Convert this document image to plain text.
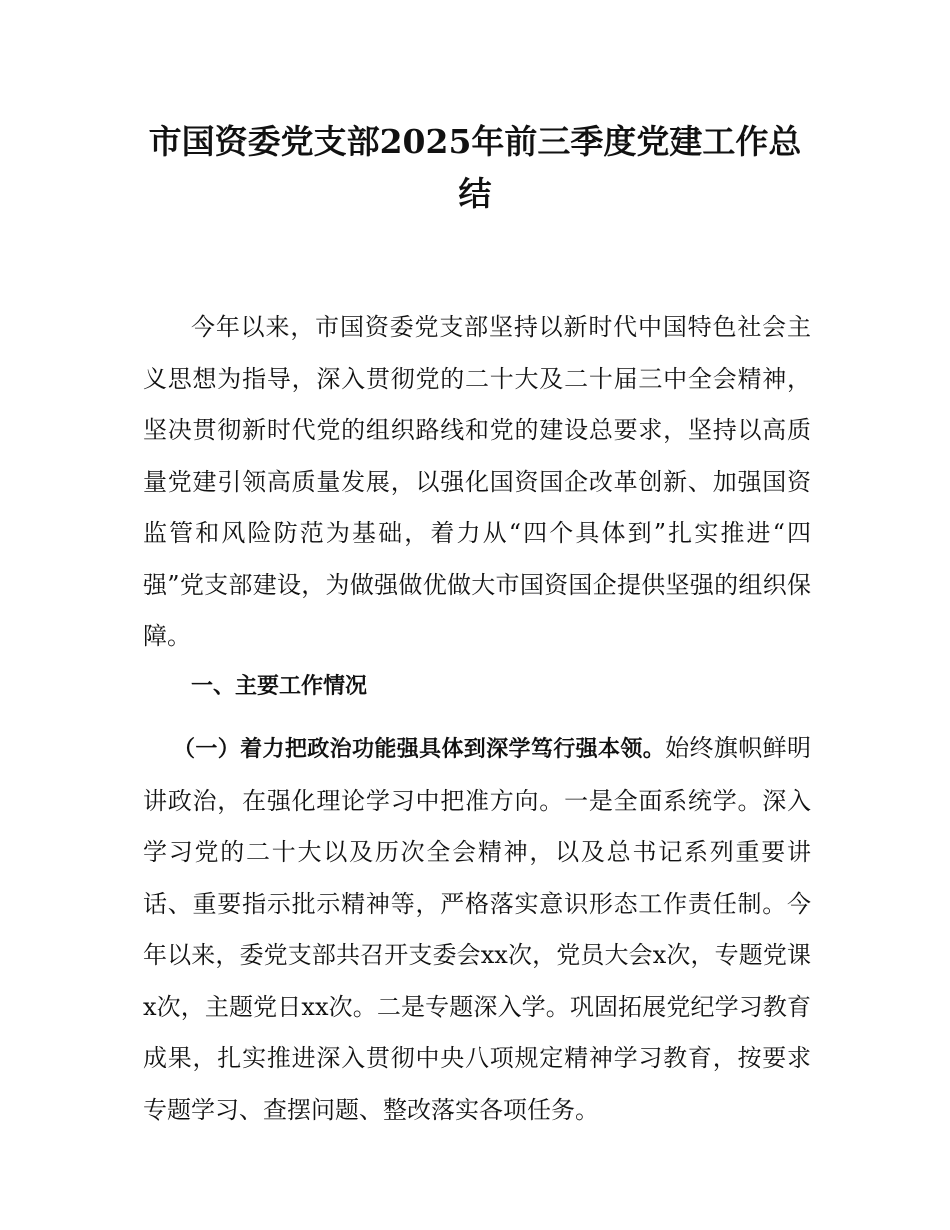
市国资委党支部2025年前三季度党建工作总
结

今年以来，市国资委党支部坚持以新时代中国特色社会主义思想为指导，深入贯彻党的二十大及二十届三中全会精神，坚决贯彻新时代党的组织路线和党的建设总要求，坚持以高质量党建引领高质量发展，以强化国资国企改革创新、加强国资监管和风险防范为基础，着力从“四个具体到”扎实推进“四强”党支部建设，为做强做优做大市国资国企提供坚强的组织保障。

一、主要工作情况

（一）着力把政治功能强具体到深学笃行强本领。始终旗帜鲜明讲政治，在强化理论学习中把准方向。一是全面系统学。深入学习党的二十大以及历次全会精神，以及总书记系列重要讲话、重要指示批示精神等，严格落实意识形态工作责任制。今年以来，委党支部共召开支委会xx次，党员大会x次，专题党课x次，主题党日xx次。二是专题深入学。巩固拓展党纪学习教育成果，扎实推进深入贯彻中央八项规定精神学习教育，按要求专题学习、查摆问题、整改落实各项任务。
